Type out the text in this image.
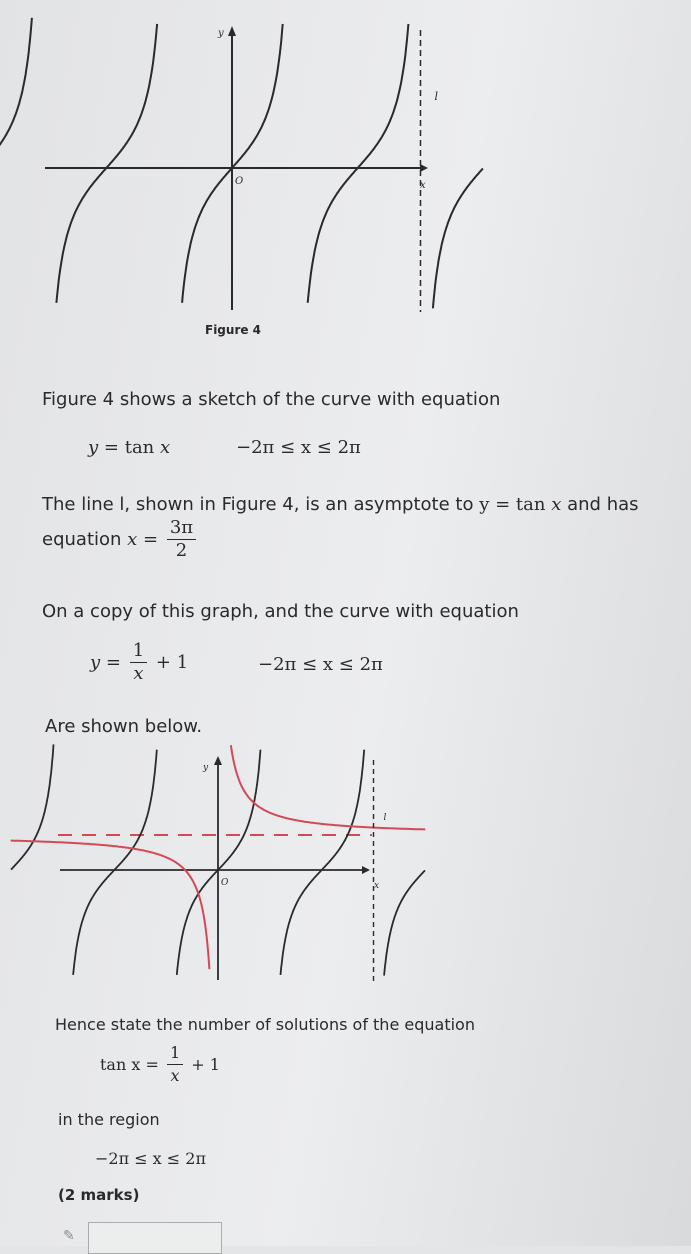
y
O	x
l
Figure 4
Figure 4 shows a sketch of the curve with equation
y = tan x	−2π ≤ x ≤ 2π
The line l, shown in Figure 4, is an asymptote to y = tan x and has
equation $x = \frac{3\pi}{2}$
On a copy of this graph, and the curve with equation
$y = \frac{1}{x} + 1$	−2π ≤ x ≤ 2π
Are shown below.
y
O	x
l
Hence state the number of solutions of the equation
$\tan x = \frac{1}{x} + 1$
in the region
−2π ≤ x ≤ 2π
(2 marks)
✎
